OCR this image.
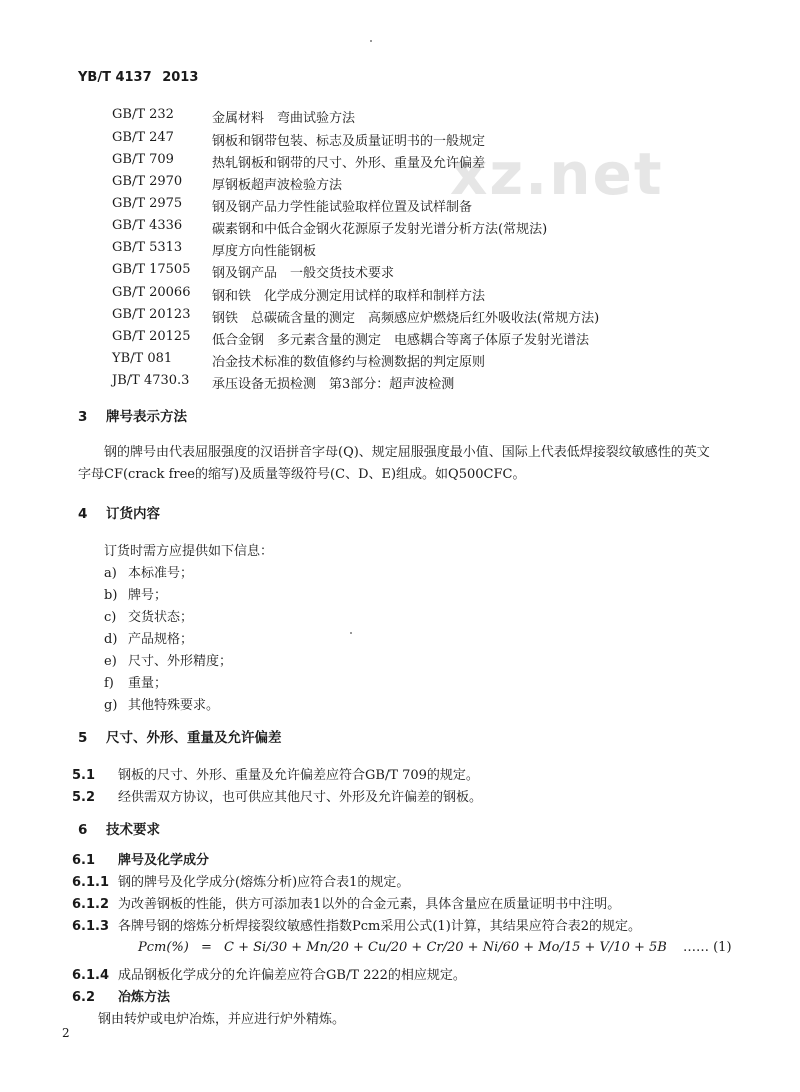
xz.net
YB/T 4137 2013
GB/T 232	金属材料　弯曲试验方法
GB/T 247	钢板和钢带包装、标志及质量证明书的一般规定
GB/T 709	热轧钢板和钢带的尺寸、外形、重量及允许偏差
GB/T 2970	厚钢板超声波检验方法
GB/T 2975	钢及钢产品力学性能试验取样位置及试样制备
GB/T 4336	碳素钢和中低合金钢火花源原子发射光谱分析方法(常规法)
GB/T 5313	厚度方向性能钢板
GB/T 17505	钢及钢产品　一般交货技术要求
GB/T 20066	钢和铁　化学成分测定用试样的取样和制样方法
GB/T 20123	钢铁　总碳硫含量的测定　高频感应炉燃烧后红外吸收法(常规方法)
GB/T 20125	低合金钢　多元素含量的测定　电感耦合等离子体原子发射光谱法
YB/T 081	冶金技术标准的数值修约与检测数据的判定原则
JB/T 4730.3	承压设备无损检测　第3部分：超声波检测
3 牌号表示方法
钢的牌号由代表屈服强度的汉语拼音字母(Q)、规定屈服强度最小值、国际上代表低焊接裂纹敏感性的英文字母CF(crack free的缩写)及质量等级符号(C、D、E)组成。如Q500CFC。
4 订货内容
订货时需方应提供如下信息：
a) 本标准号；
b) 牌号；
c) 交货状态；
d) 产品规格；
e) 尺寸、外形精度；
f) 重量；
g) 其他特殊要求。
5 尺寸、外形、重量及允许偏差
5.1 钢板的尺寸、外形、重量及允许偏差应符合GB/T 709的规定。
5.2 经供需双方协议，也可供应其他尺寸、外形及允许偏差的钢板。
6 技术要求
6.1 牌号及化学成分
6.1.1 钢的牌号及化学成分(熔炼分析)应符合表1的规定。
6.1.2 为改善钢板的性能，供方可添加表1以外的合金元素，具体含量应在质量证明书中注明。
6.1.3 各牌号钢的熔炼分析焊接裂纹敏感性指数Pcm采用公式(1)计算，其结果应符合表2的规定。
Pcm(%) = C + Si/30 + Mn/20 + Cu/20 + Cr/20 + Ni/60 + Mo/15 + V/10 + 5B …… (1)
6.1.4 成品钢板化学成分的允许偏差应符合GB/T 222的相应规定。
6.2 冶炼方法
钢由转炉或电炉冶炼，并应进行炉外精炼。
2
